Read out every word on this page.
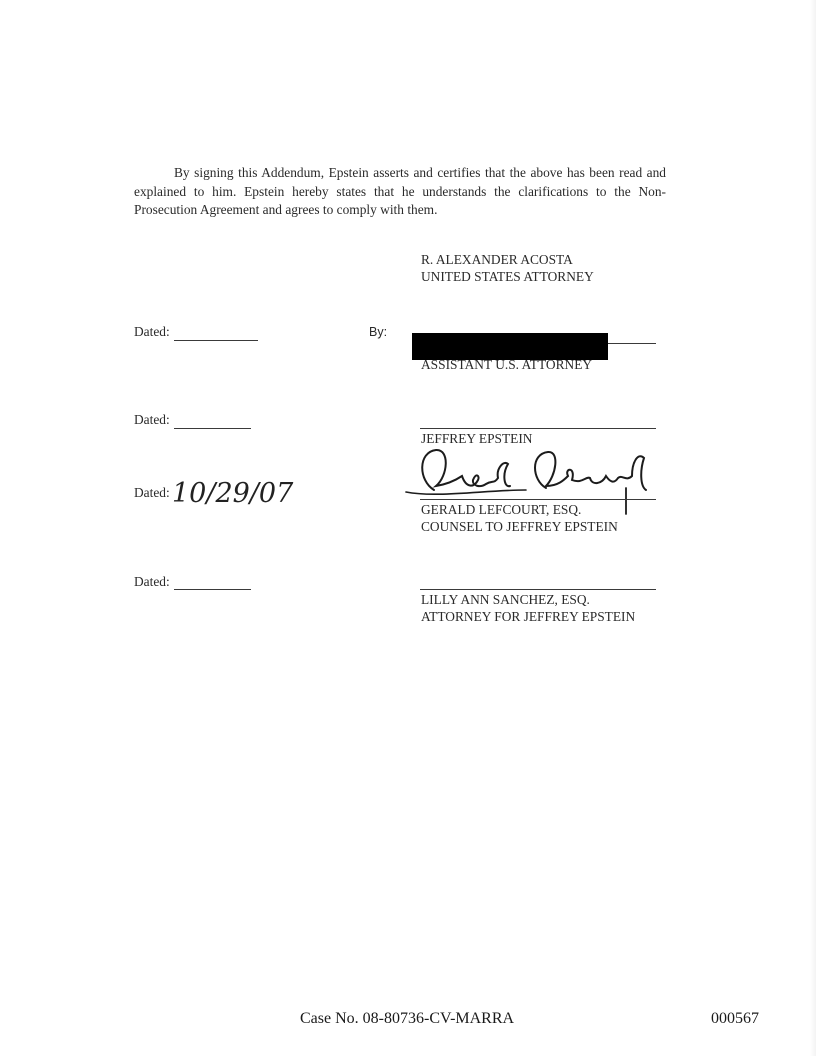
By signing this Addendum, Epstein asserts and certifies that the above has been read and explained to him. Epstein hereby states that he understands the clarifications to the Non-Prosecution Agreement and agrees to comply with them.

R. ALEXANDER ACOSTA
UNITED STATES ATTORNEY
Dated:	By:
ASSISTANT U.S. ATTORNEY
Dated:
JEFFREY EPSTEIN
Dated: 10/29/07
GERALD LEFCOURT, ESQ.
COUNSEL TO JEFFREY EPSTEIN
Dated:
LILLY ANN SANCHEZ, ESQ.
ATTORNEY FOR JEFFREY EPSTEIN
Case No. 08-80736-CV-MARRA	000567
